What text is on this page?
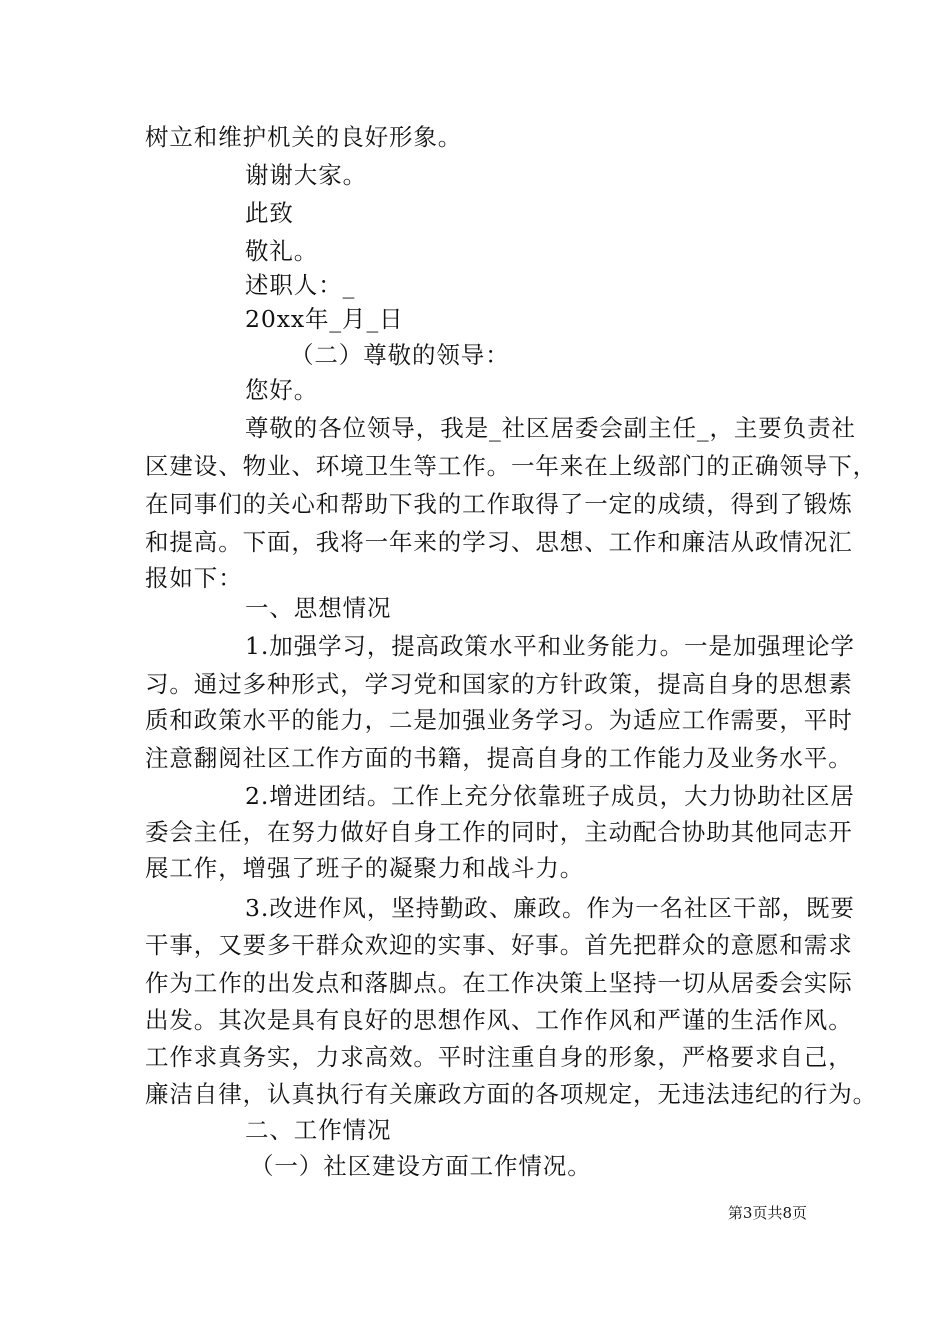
树立和维护机关的良好形象。
谢谢大家。
此致
敬礼。
述职人：_
20xx年_月_日
（二）尊敬的领导：
您好。
尊敬的各位领导，我是_社区居委会副主任_，主要负责社
区建设、物业、环境卫生等工作。一年来在上级部门的正确领导下，
在同事们的关心和帮助下我的工作取得了一定的成绩，得到了锻炼
和提高。下面，我将一年来的学习、思想、工作和廉洁从政情况汇
报如下：
一、思想情况
1.加强学习，提高政策水平和业务能力。一是加强理论学
习。通过多种形式，学习党和国家的方针政策，提高自身的思想素
质和政策水平的能力，二是加强业务学习。为适应工作需要，平时
注意翻阅社区工作方面的书籍，提高自身的工作能力及业务水平。
2.增进团结。工作上充分依靠班子成员，大力协助社区居
委会主任，在努力做好自身工作的同时，主动配合协助其他同志开
展工作，增强了班子的凝聚力和战斗力。
3.改进作风，坚持勤政、廉政。作为一名社区干部，既要
干事，又要多干群众欢迎的实事、好事。首先把群众的意愿和需求
作为工作的出发点和落脚点。在工作决策上坚持一切从居委会实际
出发。其次是具有良好的思想作风、工作作风和严谨的生活作风。
工作求真务实，力求高效。平时注重自身的形象，严格要求自己，
廉洁自律，认真执行有关廉政方面的各项规定，无违法违纪的行为。
二、工作情况
（一）社区建设方面工作情况。
第3页共8页
